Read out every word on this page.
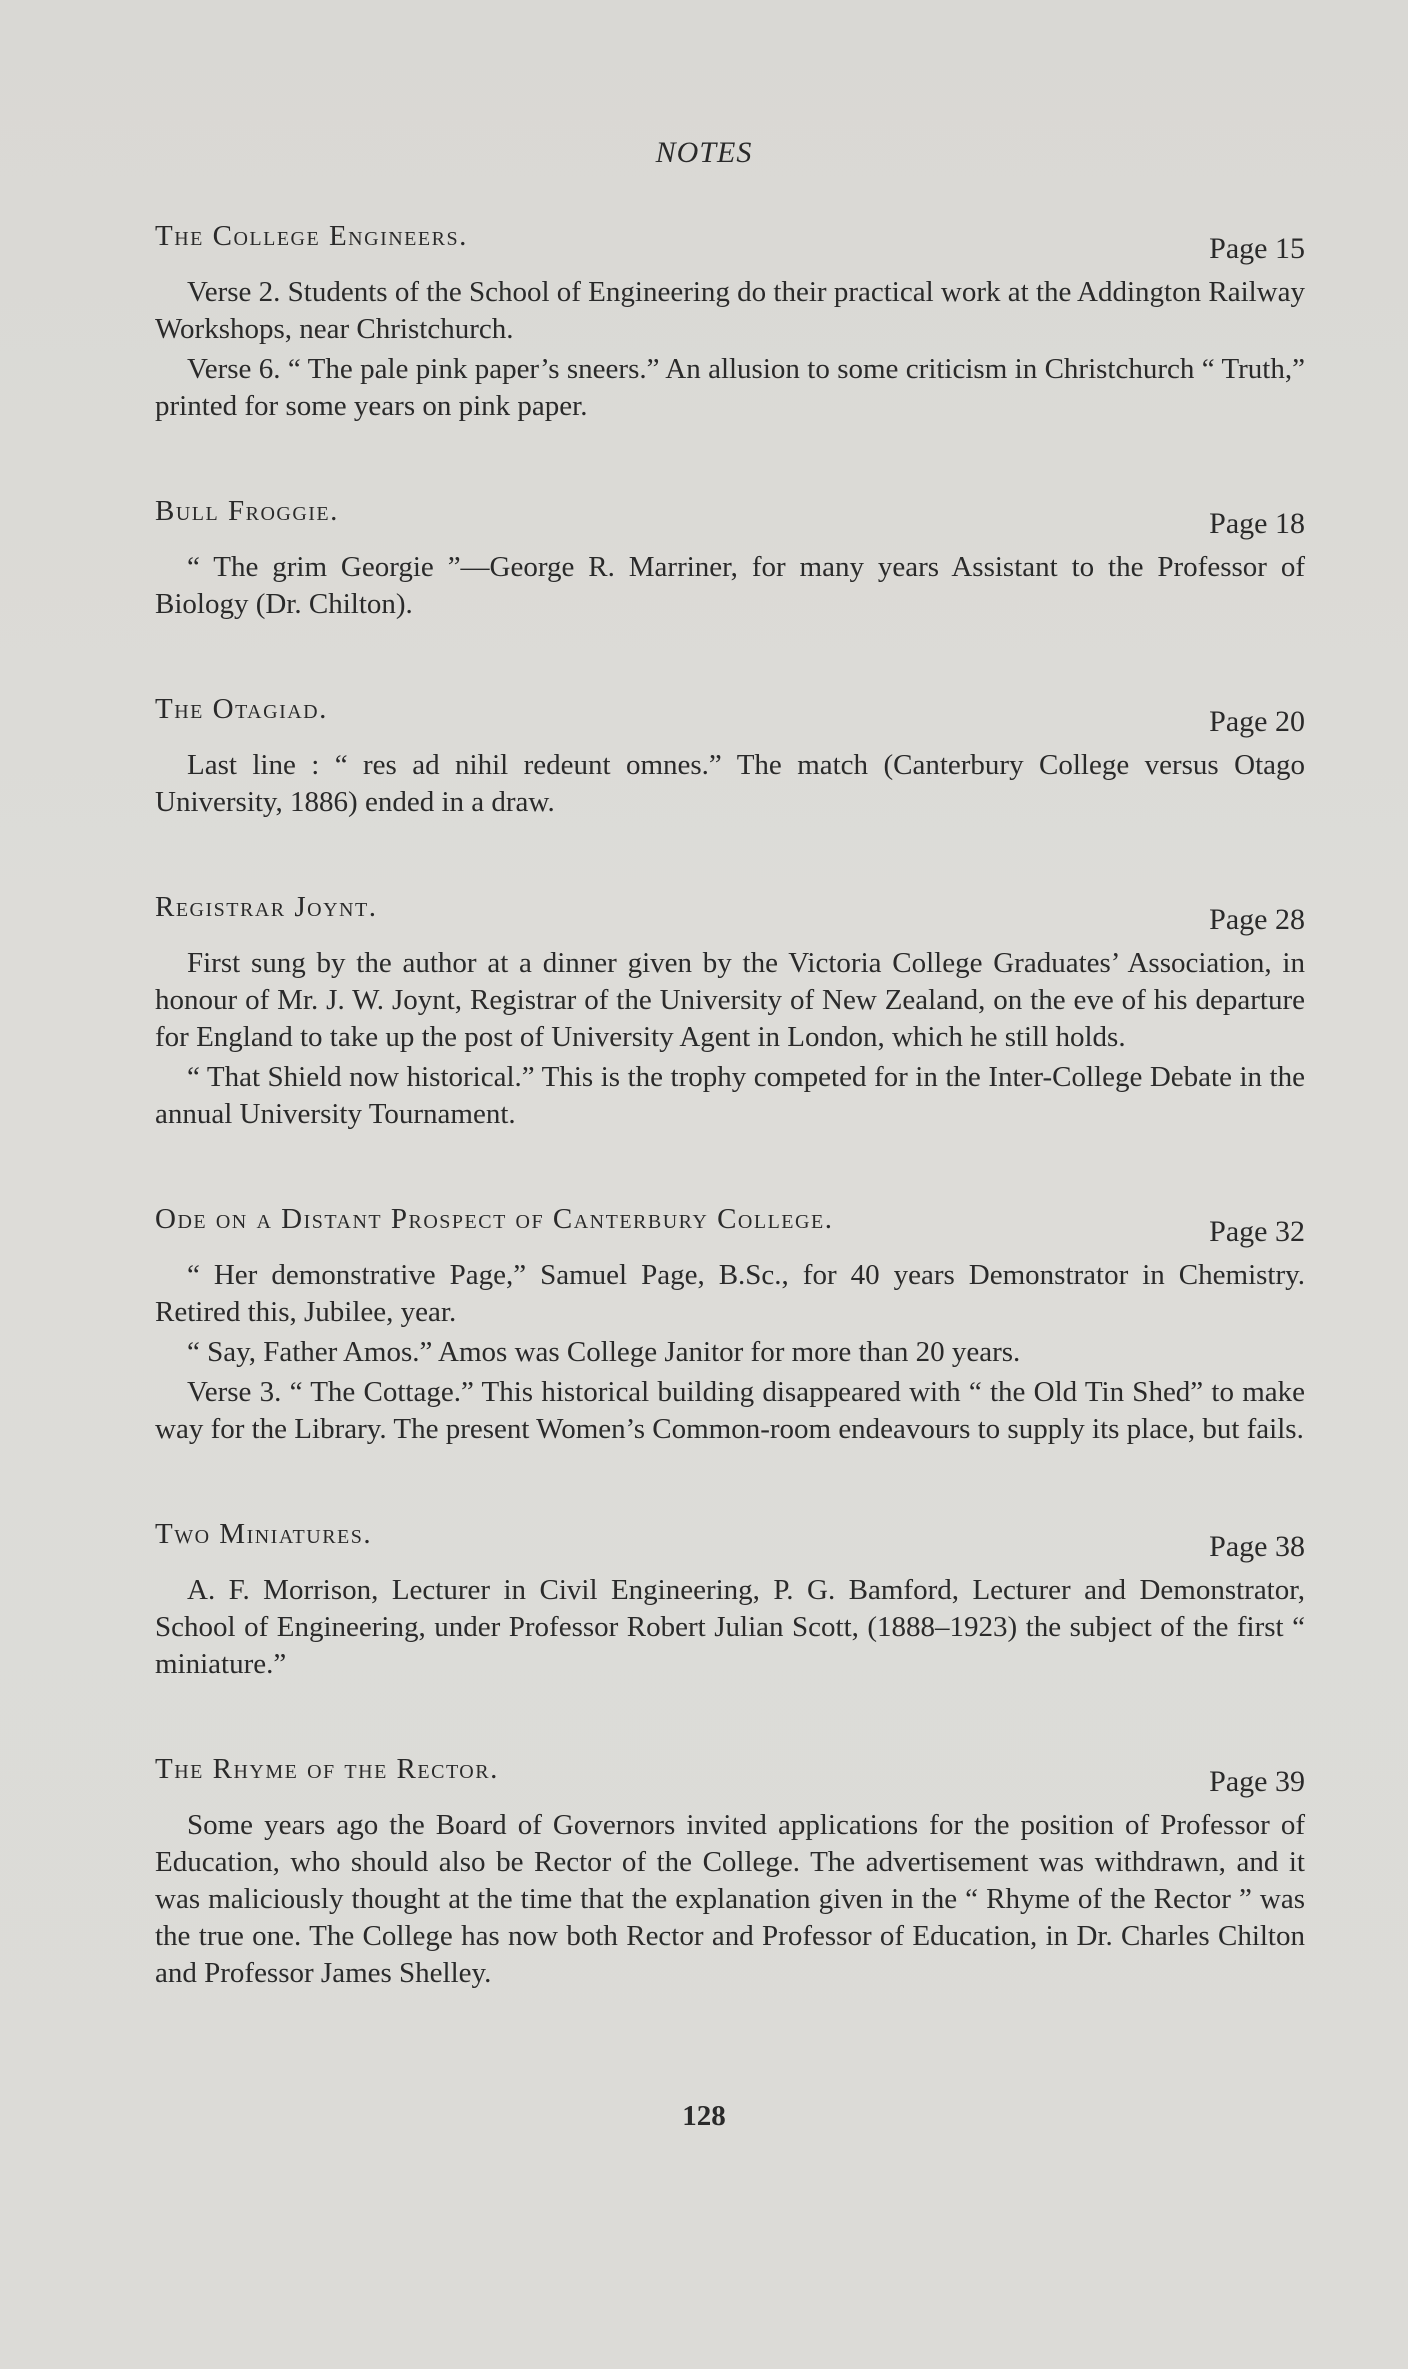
NOTES
The College Engineers.	Page 15

Verse 2. Students of the School of Engineering do their practical work at the Addington Railway Workshops, near Christchurch.

Verse 6. “ The pale pink paper’s sneers.” An allusion to some criticism in Christchurch “ Truth,” printed for some years on pink paper.

Bull Froggie.	Page 18

“ The grim Georgie ”—George R. Marriner, for many years Assistant to the Professor of Biology (Dr. Chilton).

The Otagiad.	Page 20

Last line : “ res ad nihil redeunt omnes.” The match (Canterbury College versus Otago University, 1886) ended in a draw.

Registrar Joynt.	Page 28

First sung by the author at a dinner given by the Victoria College Graduates’ Association, in honour of Mr. J. W. Joynt, Registrar of the University of New Zealand, on the eve of his departure for England to take up the post of University Agent in London, which he still holds.

“ That Shield now historical.” This is the trophy competed for in the Inter-College Debate in the annual University Tournament.

Ode on a Distant Prospect of Canterbury College.	Page 32

“ Her demonstrative Page,” Samuel Page, B.Sc., for 40 years Demonstrator in Chemistry. Retired this, Jubilee, year.

“ Say, Father Amos.” Amos was College Janitor for more than 20 years.

Verse 3. “ The Cottage.” This historical building disappeared with “ the Old Tin Shed” to make way for the Library. The present Women’s Common-room endeavours to supply its place, but fails.

Two Miniatures.	Page 38

A. F. Morrison, Lecturer in Civil Engineering, P. G. Bamford, Lecturer and Demonstrator, School of Engineering, under Professor Robert Julian Scott, (1888–1923) the subject of the first “ miniature.”

The Rhyme of the Rector.	Page 39

Some years ago the Board of Governors invited applications for the position of Professor of Education, who should also be Rector of the College. The advertisement was withdrawn, and it was maliciously thought at the time that the explanation given in the “ Rhyme of the Rector ” was the true one. The College has now both Rector and Professor of Education, in Dr. Charles Chilton and Professor James Shelley.

128
